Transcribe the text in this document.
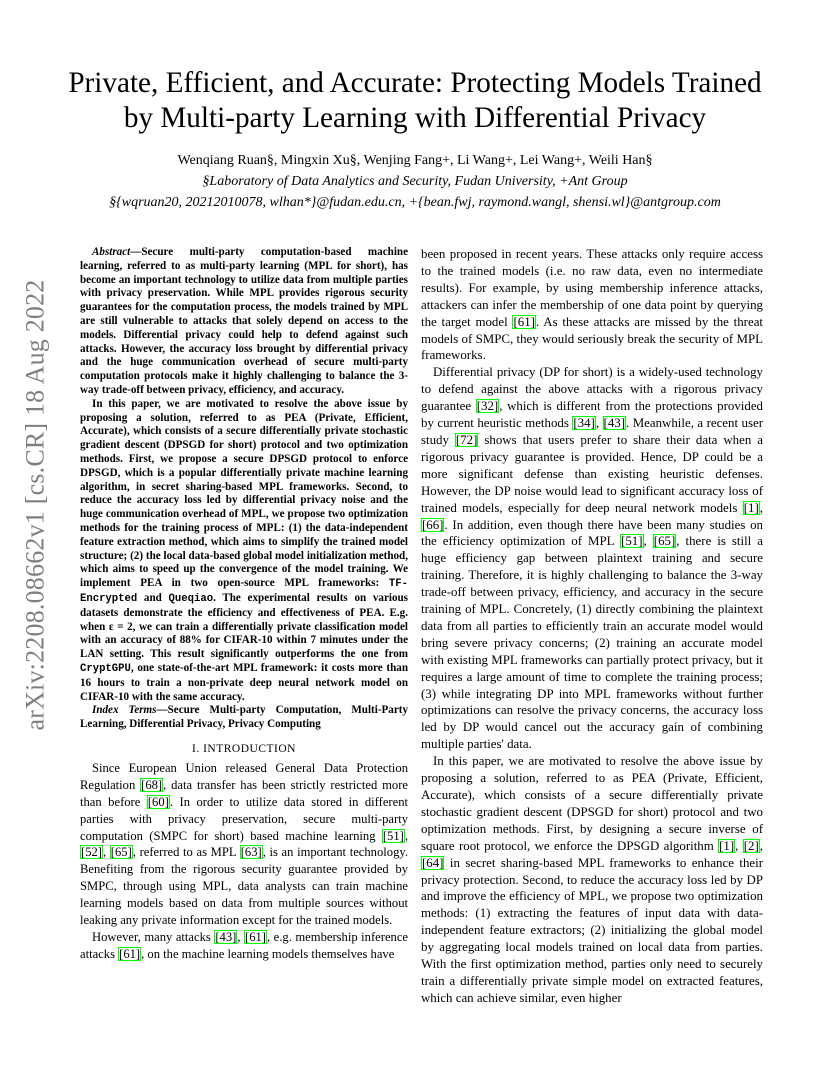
arXiv:2208.08662v1 [cs.CR] 18 Aug 2022
Private, Efficient, and Accurate: Protecting Models Trained by Multi-party Learning with Differential Privacy
Wenqiang Ruan§, Mingxin Xu§, Wenjing Fang+, Li Wang+, Lei Wang+, Weili Han§
§Laboratory of Data Analytics and Security, Fudan University, +Ant Group
§{wqruan20, 20212010078, wlhan*}@fudan.edu.cn, +{bean.fwj, raymond.wangl, shensi.wl}@antgroup.com

Abstract—Secure multi-party computation-based machine learning, referred to as multi-party learning (MPL for short), has become an important technology to utilize data from multiple parties with privacy preservation. While MPL provides rigorous security guarantees for the computation process, the models trained by MPL are still vulnerable to attacks that solely depend on access to the models. Differential privacy could help to defend against such attacks. However, the accuracy loss brought by differential privacy and the huge communication overhead of secure multi-party computation protocols make it highly challenging to balance the 3-way trade-off between privacy, efficiency, and accuracy.

In this paper, we are motivated to resolve the above issue by proposing a solution, referred to as PEA (Private, Efficient, Accurate), which consists of a secure differentially private stochastic gradient descent (DPSGD for short) protocol and two optimization methods. First, we propose a secure DPSGD protocol to enforce DPSGD, which is a popular differentially private machine learning algorithm, in secret sharing-based MPL frameworks. Second, to reduce the accuracy loss led by differential privacy noise and the huge communication overhead of MPL, we propose two optimization methods for the training process of MPL: (1) the data-independent feature extraction method, which aims to simplify the trained model structure; (2) the local data-based global model initialization method, which aims to speed up the convergence of the model training. We implement PEA in two open-source MPL frameworks: TF-Encrypted and Queqiao. The experimental results on various datasets demonstrate the efficiency and effectiveness of PEA. E.g. when ε = 2, we can train a differentially private classification model with an accuracy of 88% for CIFAR-10 within 7 minutes under the LAN setting. This result significantly outperforms the one from CryptGPU, one state-of-the-art MPL framework: it costs more than 16 hours to train a non-private deep neural network model on CIFAR-10 with the same accuracy.

Index Terms—Secure Multi-party Computation, Multi-Party Learning, Differential Privacy, Privacy Computing

I. INTRODUCTION

Since European Union released General Data Protection Regulation [68], data transfer has been strictly restricted more than before [60]. In order to utilize data stored in different parties with privacy preservation, secure multi-party computation (SMPC for short) based machine learning [51], [52], [65], referred to as MPL [63], is an important technology. Benefiting from the rigorous security guarantee provided by SMPC, through using MPL, data analysts can train machine learning models based on data from multiple sources without leaking any private information except for the trained models.

However, many attacks [43], [61], e.g. membership inference attacks [61], on the machine learning models themselves have

been proposed in recent years. These attacks only require access to the trained models (i.e. no raw data, even no intermediate results). For example, by using membership inference attacks, attackers can infer the membership of one data point by querying the target model [61]. As these attacks are missed by the threat models of SMPC, they would seriously break the security of MPL frameworks.

Differential privacy (DP for short) is a widely-used technology to defend against the above attacks with a rigorous privacy guarantee [32], which is different from the protections provided by current heuristic methods [34], [43]. Meanwhile, a recent user study [72] shows that users prefer to share their data when a rigorous privacy guarantee is provided. Hence, DP could be a more significant defense than existing heuristic defenses. However, the DP noise would lead to significant accuracy loss of trained models, especially for deep neural network models [1], [66]. In addition, even though there have been many studies on the efficiency optimization of MPL [51], [65], there is still a huge efficiency gap between plaintext training and secure training. Therefore, it is highly challenging to balance the 3-way trade-off between privacy, efficiency, and accuracy in the secure training of MPL. Concretely, (1) directly combining the plaintext data from all parties to efficiently train an accurate model would bring severe privacy concerns; (2) training an accurate model with existing MPL frameworks can partially protect privacy, but it requires a large amount of time to complete the training process; (3) while integrating DP into MPL frameworks without further optimizations can resolve the privacy concerns, the accuracy loss led by DP would cancel out the accuracy gain of combining multiple parties' data.

In this paper, we are motivated to resolve the above issue by proposing a solution, referred to as PEA (Private, Efficient, Accurate), which consists of a secure differentially private stochastic gradient descent (DPSGD for short) protocol and two optimization methods. First, by designing a secure inverse of square root protocol, we enforce the DPSGD algorithm [1], [2], [64] in secret sharing-based MPL frameworks to enhance their privacy protection. Second, to reduce the accuracy loss led by DP and improve the efficiency of MPL, we propose two optimization methods: (1) extracting the features of input data with data-independent feature extractors; (2) initializing the global model by aggregating local models trained on local data from parties. With the first optimization method, parties only need to securely train a differentially private simple model on extracted features, which can achieve similar, even higher
